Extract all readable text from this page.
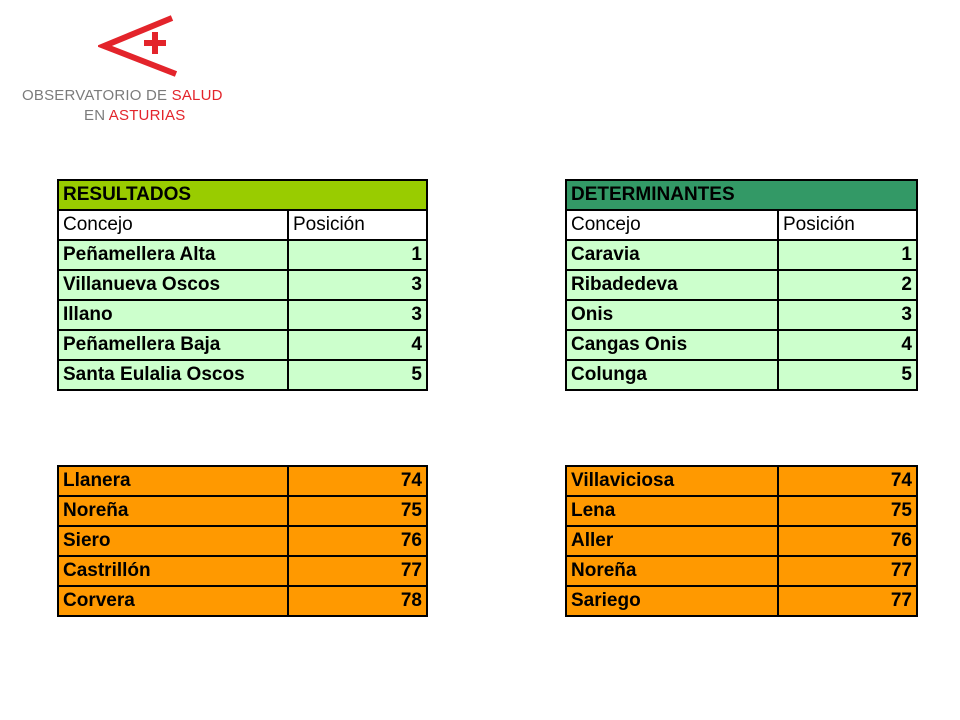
OBSERVATORIO DE SALUD
EN ASTURIAS
RESULTADOS	
Concejo	Posición
Peñamellera Alta	1
Villanueva Oscos	3
Illano	3
Peñamellera Baja	4
Santa Eulalia Oscos	5
DETERMINANTES	
Concejo	Posición
Caravia	1
Ribadedeva	2
Onis	3
Cangas Onis	4
Colunga	5
Llanera	74
Noreña	75
Siero	76
Castrillón	77
Corvera	78
Villaviciosa	74
Lena	75
Aller	76
Noreña	77
Sariego	77
